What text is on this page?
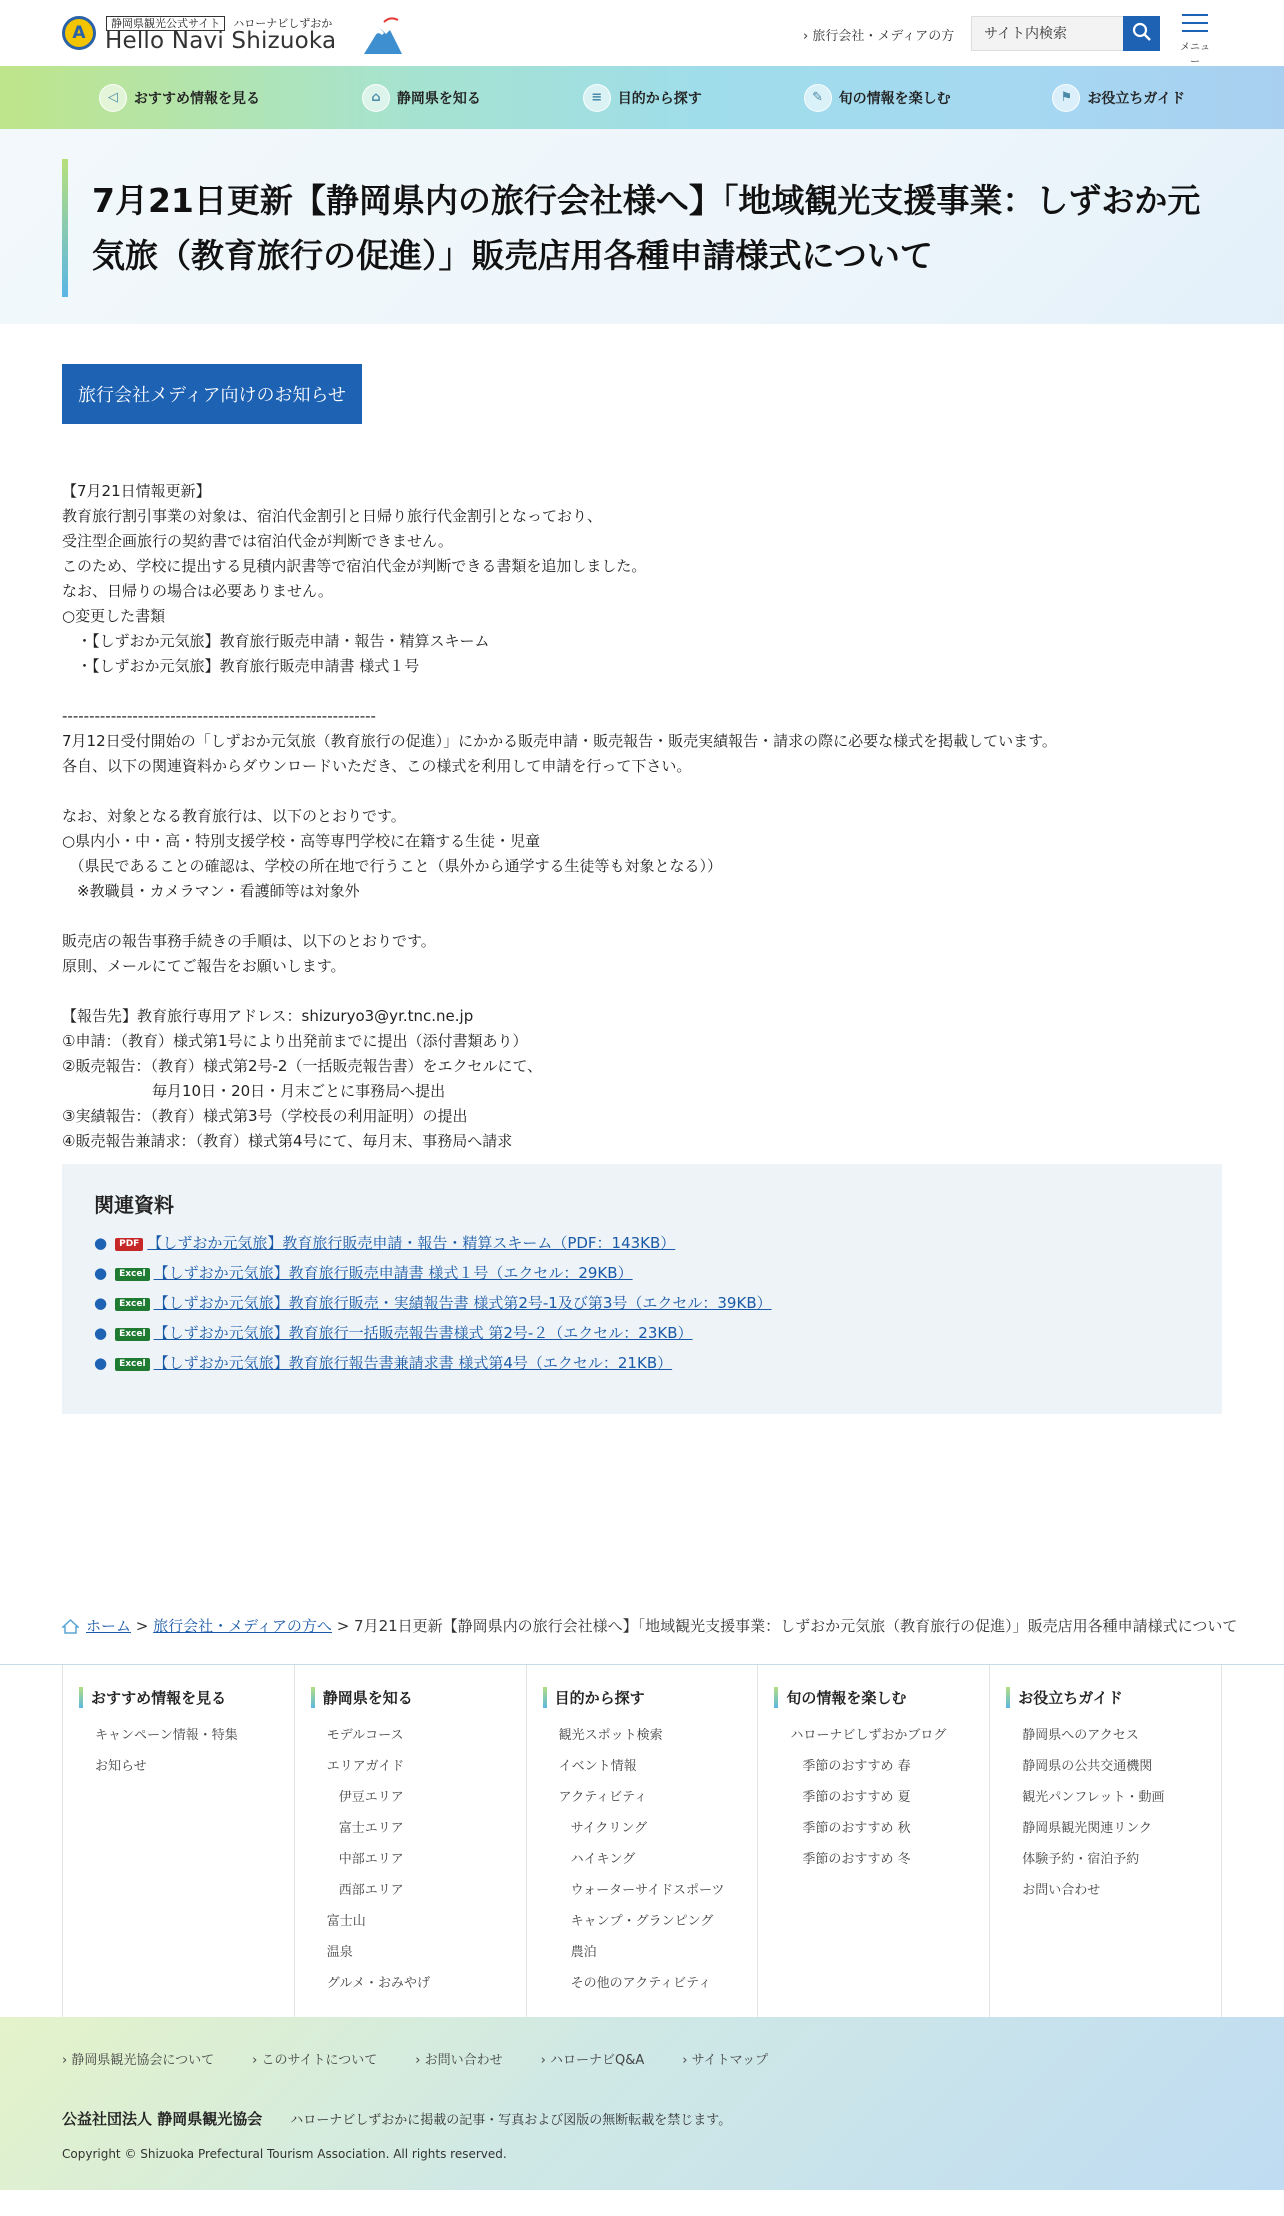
A
静岡県観光公式サイト ハローナビしずおか
Hello Navi Shizuoka	› 旅行会社・メディアの方
サイト内検索
メニュー
◁	おすすめ情報を見る	⌂	静岡県を知る	≡	目的から探す	✎	旬の情報を楽しむ	⚑	お役立ちガイド
7月21日更新【静岡県内の旅行会社様へ】「地域観光支援事業：しずおか元気旅（教育旅行の促進）」販売店用各種申請様式について
旅行会社メディア向けのお知らせ
【7月21日情報更新】
教育旅行割引事業の対象は、宿泊代金割引と日帰り旅行代金割引となっており、
受注型企画旅行の契約書では宿泊代金が判断できません。
このため、学校に提出する見積内訳書等で宿泊代金が判断できる書類を追加しました。
なお、日帰りの場合は必要ありません。
○変更した書類
　・【しずおか元気旅】教育旅行販売申請・報告・精算スキーム
　・【しずおか元気旅】教育旅行販売申請書 様式１号
----------------------------------------------------------
7月12日受付開始の「しずおか元気旅（教育旅行の促進）」にかかる販売申請・販売報告・販売実績報告・請求の際に必要な様式を掲載しています。
各自、以下の関連資料からダウンロードいただき、この様式を利用して申請を行って下さい。
なお、対象となる教育旅行は、以下のとおりです。
○県内小・中・高・特別支援学校・高等専門学校に在籍する生徒・児童
　（県民であることの確認は、学校の所在地で行うこと（県外から通学する生徒等も対象となる））
　※教職員・カメラマン・看護師等は対象外
販売店の報告事務手続きの手順は、以下のとおりです。
原則、メールにてご報告をお願いします。
【報告先】教育旅行専用アドレス：shizuryo3@yr.tnc.ne.jp
①申請：（教育）様式第1号により出発前までに提出（添付書類あり）
②販売報告：（教育）様式第2号-2（一括販売報告書）をエクセルにて、
　　　　　　毎月10日・20日・月末ごとに事務局へ提出
③実績報告：（教育）様式第3号（学校長の利用証明）の提出
④販売報告兼請求：（教育）様式第4号にて、毎月末、事務局へ請求
関連資料
● PDF 【しずおか元気旅】教育旅行販売申請・報告・精算スキーム（PDF：143KB）
● Excel 【しずおか元気旅】教育旅行販売申請書 様式１号（エクセル：29KB）
● Excel 【しずおか元気旅】教育旅行販売・実績報告書 様式第2号-1及び第3号（エクセル：39KB）
● Excel 【しずおか元気旅】教育旅行一括販売報告書様式 第2号-２（エクセル：23KB）
● Excel 【しずおか元気旅】教育旅行報告書兼請求書 様式第4号（エクセル：21KB）
ホーム > 旅行会社・メディアの方へ > 7月21日更新【静岡県内の旅行会社様へ】「地域観光支援事業：しずおか元気旅（教育旅行の促進）」販売店用各種申請様式について
おすすめ情報を見る
キャンペーン情報・特集
お知らせ
静岡県を知る
モデルコース
エリアガイド
伊豆エリア
富士エリア
中部エリア
西部エリア
富士山
温泉
グルメ・おみやげ
目的から探す
観光スポット検索
イベント情報
アクティビティ
サイクリング
ハイキング
ウォーターサイドスポーツ
キャンプ・グランピング
農泊
その他のアクティビティ
旬の情報を楽しむ
ハローナビしずおかブログ
季節のおすすめ 春
季節のおすすめ 夏
季節のおすすめ 秋
季節のおすすめ 冬
お役立ちガイド
静岡県へのアクセス
静岡県の公共交通機関
観光パンフレット・動画
静岡県観光関連リンク
体験予約・宿泊予約
お問い合わせ
› 静岡県観光協会について	› このサイトについて	› お問い合わせ	› ハローナビQ&A	› サイトマップ
公益社団法人 静岡県観光協会 ハローナビしずおかに掲載の記事・写真および図版の無断転載を禁じます。
Copyright © Shizuoka Prefectural Tourism Association. All rights reserved.
